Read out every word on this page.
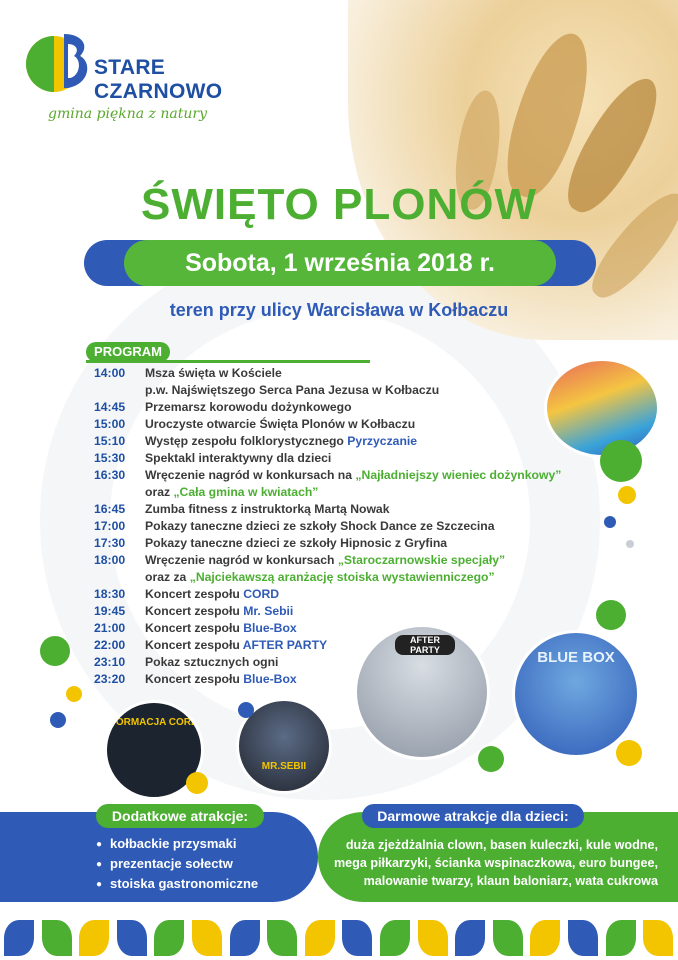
STARE
CZARNOWO
gmina piękna z natury
ŚWIĘTO PLONÓW
Sobota, 1 września 2018 r.
teren przy ulicy Warcisława w Kołbaczu
PROGRAM
14:00	Msza święta w Kościele
p.w. Najświętszego Serca Pana Jezusa w Kołbaczu
14:45	Przemarsz korowodu dożynkowego
15:00	Uroczyste otwarcie Święta Plonów w Kołbaczu
15:10	Występ zespołu folklorystycznego Pyrzyczanie
15:30	Spektakl interaktywny dla dzieci
16:30	Wręczenie nagród w konkursach na „Najładniejszy wieniec dożynkowy”
oraz „Cała gmina w kwiatach”
16:45	Zumba fitness z instruktorką Martą Nowak
17:00	Pokazy taneczne dzieci ze szkoły Shock Dance ze Szczecina
17:30	Pokazy taneczne dzieci ze szkoły Hipnosic z Gryfina
18:00	Wręczenie nagród w konkursach „Staroczarnowskie specjały”
oraz za „Najciekawszą aranżację stoiska wystawienniczego”
18:30	Koncert zespołu CORD
19:45	Koncert zespołu Mr. Sebii
21:00	Koncert zespołu Blue-Box
22:00	Koncert zespołu AFTER PARTY
23:10	Pokaz sztucznych ogni
23:20	Koncert zespołu Blue-Box
FORMACJA CORD
MR.SEBII
AFTER PARTY	BLUE BOX
Dodatkowe atrakcje:	Darmowe atrakcje dla dzieci:
● kołbackie przysmaki
● prezentacje sołectw
● stoiska gastronomiczne
duża zjeżdżalnia clown, basen kuleczki, kule wodne,
mega piłkarzyki, ścianka wspinaczkowa, euro bungee,
malowanie twarzy, klaun baloniarz, wata cukrowa
